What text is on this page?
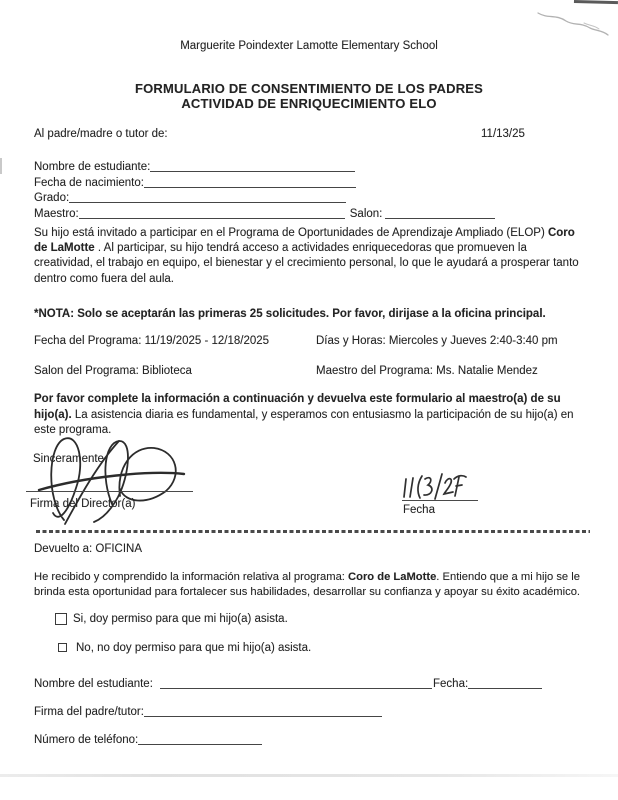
Marguerite Poindexter Lamotte Elementary School
FORMULARIO DE CONSENTIMIENTO DE LOS PADRES
ACTIVIDAD DE ENRIQUECIMIENTO ELO
Al padre/madre o tutor de:	11/13/25
Nombre de estudiante:
Fecha de nacimiento:
Grado:
Maestro:	Salon:

Su hijo está invitado a participar en el Programa de Oportunidades de Aprendizaje Ampliado (ELOP) Coro de LaMotte . Al participar, su hijo tendrá acceso a actividades enriquecedoras que promueven la creatividad, el trabajo en equipo, el bienestar y el crecimiento personal, lo que le ayudará a prosperar tanto dentro como fuera del aula.

*NOTA: Solo se aceptarán las primeras 25 solicitudes. Por favor, dirijase a la oficina principal.
Fecha del Programa: 11/19/2025 - 12/18/2025	Días y Horas: Miercoles y Jueves 2:40-3:40 pm
Salon del Programa: Biblioteca	Maestro del Programa: Ms. Natalie Mendez

Por favor complete la información a continuación y devuelva este formulario al maestro(a) de su hijo(a). La asistencia diaria es fundamental, y esperamos con entusiasmo la participación de su hijo(a) en este programa.

Sinceramente,
Firma del Director(a)	Fecha
Devuelto a: OFICINA

He recibido y comprendido la información relativa al programa: Coro de LaMotte. Entiendo que a mi hijo se le brinda esta oportunidad para fortalecer sus habilidades, desarrollar su confianza y apoyar su éxito académico.

Si, doy permiso para que mi hijo(a) asista.
No, no doy permiso para que mi hijo(a) asista.
Nombre del estudiante:	Fecha:
Firma del padre/tutor:
Número de teléfono:
